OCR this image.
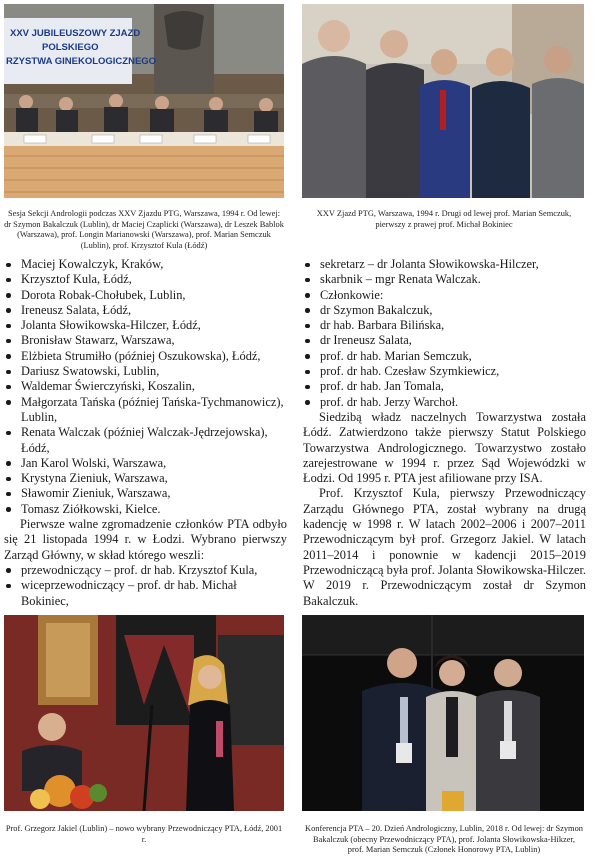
XXV JUBILEUSZOWY ZJAZD
POLSKIEGO
RZYSTWA GINEKOLOGICZNEGO
Sesja Sekcji Andrologii podczas XXV Zjazdu PTG, Warszawa, 1994 r. Od lewej: dr Szymon Bakalczuk (Lublin), dr Maciej Czaplicki (Warszawa), dr Leszek Bablok (Warszawa), prof. Longin Marianowski (Warszawa), prof. Marian Semczuk (Lublin), prof. Krzysztof Kula (Łódź)
XXV Zjazd PTG, Warszawa, 1994 r. Drugi od lewej prof. Marian Semczuk, pierwszy z prawej prof. Michał Bokiniec
Maciej Kowalczyk, Kraków,
Krzysztof Kula, Łódź,
Dorota Robak-Chołubek, Lublin,
Ireneusz Salata, Łódź,
Jolanta Słowikowska-Hilczer, Łódź,
Bronisław Stawarz, Warszawa,
Elżbieta Strumiłło (później Oszukowska), Łódź,
Dariusz Swatowski, Lublin,
Waldemar Świerczyński, Koszalin,
Małgorzata Tańska (później Tańska-Tychmanowicz), Lublin,
Renata Walczak (później Walczak-Jędrzejowska), Łódź,
Jan Karol Wolski, Warszawa,
Krystyna Zieniuk, Warszawa,
Sławomir Zieniuk, Warszawa,
Tomasz Ziółkowski, Kielce.

Pierwsze walne zgromadzenie członków PTA odbyło się 21 listopada 1994 r. w Łodzi. Wybrano pierwszy Zarząd Główny, w skład którego weszli:

przewodniczący – prof. dr hab. Krzysztof Kula,
wiceprzewodniczący – prof. dr hab. Michał Bokiniec,
sekretarz – dr Jolanta Słowikowska-Hilczer,
skarbnik – mgr Renata Walczak.
Członkowie:
dr Szymon Bakalczuk,
dr hab. Barbara Bilińska,
dr Ireneusz Salata,
prof. dr hab. Marian Semczuk,
prof. dr hab. Czesław Szymkiewicz,
prof. dr hab. Jan Tomala,
prof. dr hab. Jerzy Warchoł.

Siedzibą władz naczelnych Towarzystwa została Łódź. Zatwierdzono także pierwszy Statut Polskiego Towarzystwa Andrologicznego. Towarzystwo zostało zarejestrowane w 1994 r. przez Sąd Wojewódzki w Łodzi. Od 1995 r. PTA jest afiliowane przy ISA.

Prof. Krzysztof Kula, pierwszy Przewodniczący Zarządu Głównego PTA, został wybrany na drugą kadencję w 1998 r. W latach 2002–2006 i 2007–2011 Przewodniczącym był prof. Grzegorz Jakiel. W latach 2011–2014 i ponownie w kadencji 2015–2019 Przewodniczącą była prof. Jolanta Słowikowska-Hilczer. W 2019 r. Przewodniczącym został dr Szymon Bakalczuk.

Prof. Grzegorz Jakiel (Lublin) – nowo wybrany Przewodniczący PTA, Łódź, 2001 r.
Konferencja PTA – 20. Dzień Andrologiczny, Lublin, 2018 r. Od lewej: dr Szymon Bakalczuk (obecny Przewodniczący PTA), prof. Jolanta Słowikowska-Hikzer, prof. Marian Semczuk (Członek Honorowy PTA, Lublin)
